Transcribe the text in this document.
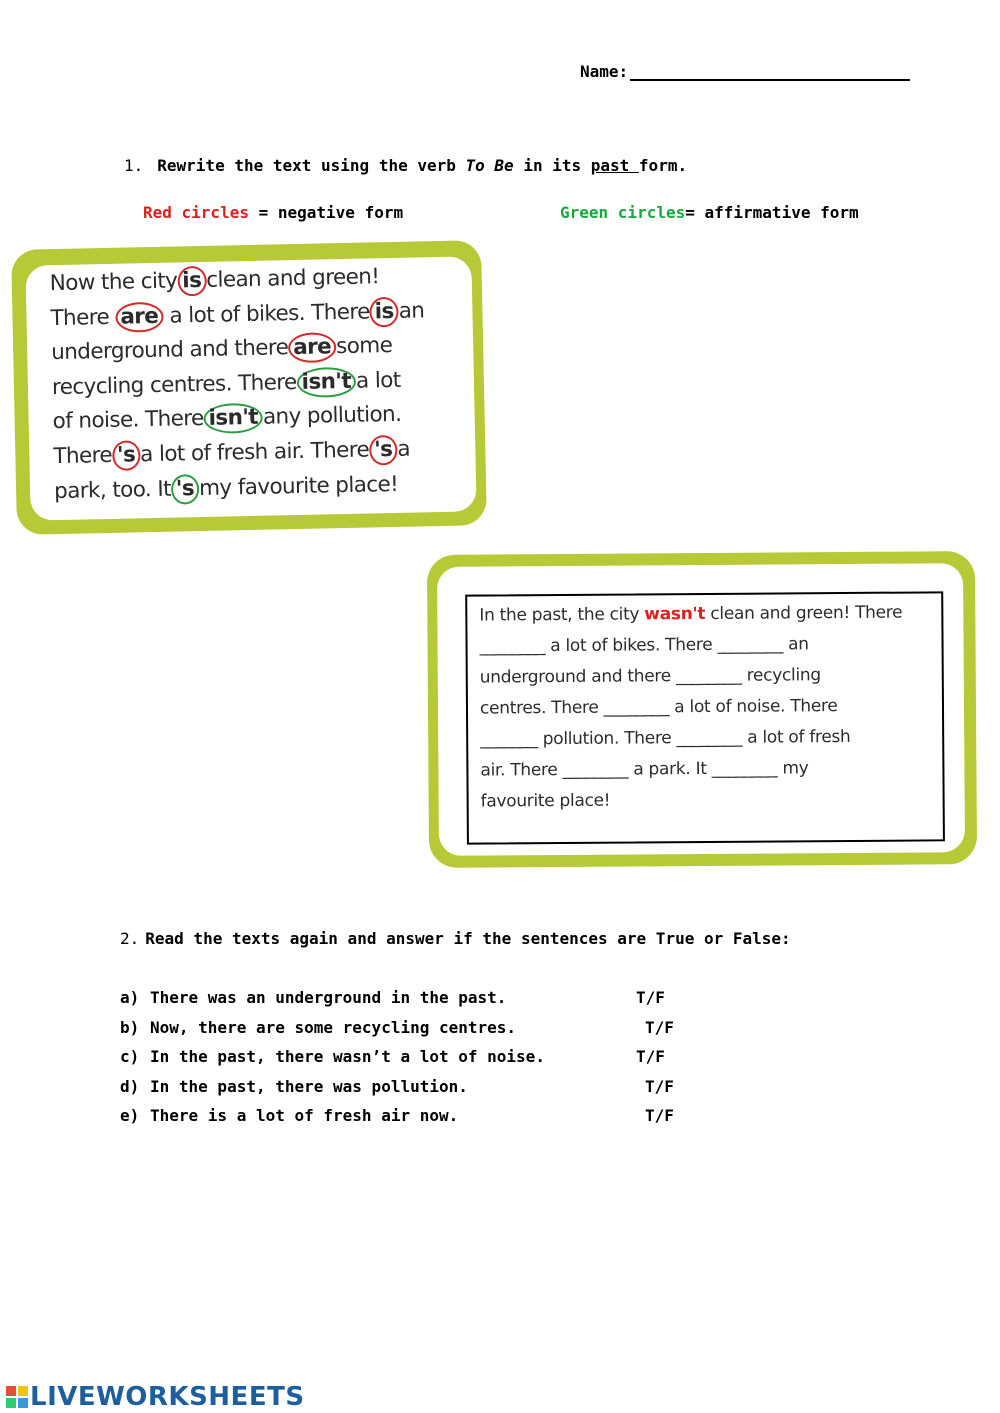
Name:
1. Rewrite the text using the verb To Be in its past form.
Red circles = negative form	Green circles= affirmative form
Now the city is clean and green!
There are a lot of bikes. There is an
underground and there are some
recycling centres. There isn't a lot
of noise. There isn't any pollution.
There 's a lot of fresh air. There 's a
park, too. It 's my favourite place!
In the past, the city wasn't clean and green! There
________ a lot of bikes. There ________ an
underground and there ________ recycling
centres. There ________ a lot of noise. There
_______ pollution. There ________ a lot of fresh
air. There ________ a park. It ________ my
favourite place!
2. Read the texts again and answer if the sentences are True or False:
a) There was an underground in the past.	T/F
b) Now, there are some recycling centres.	T/F
c) In the past, there wasn’t a lot of noise.	T/F
d) In the past, there was pollution.	T/F
e) There is a lot of fresh air now.	T/F
LIVEWORKSHEETS
